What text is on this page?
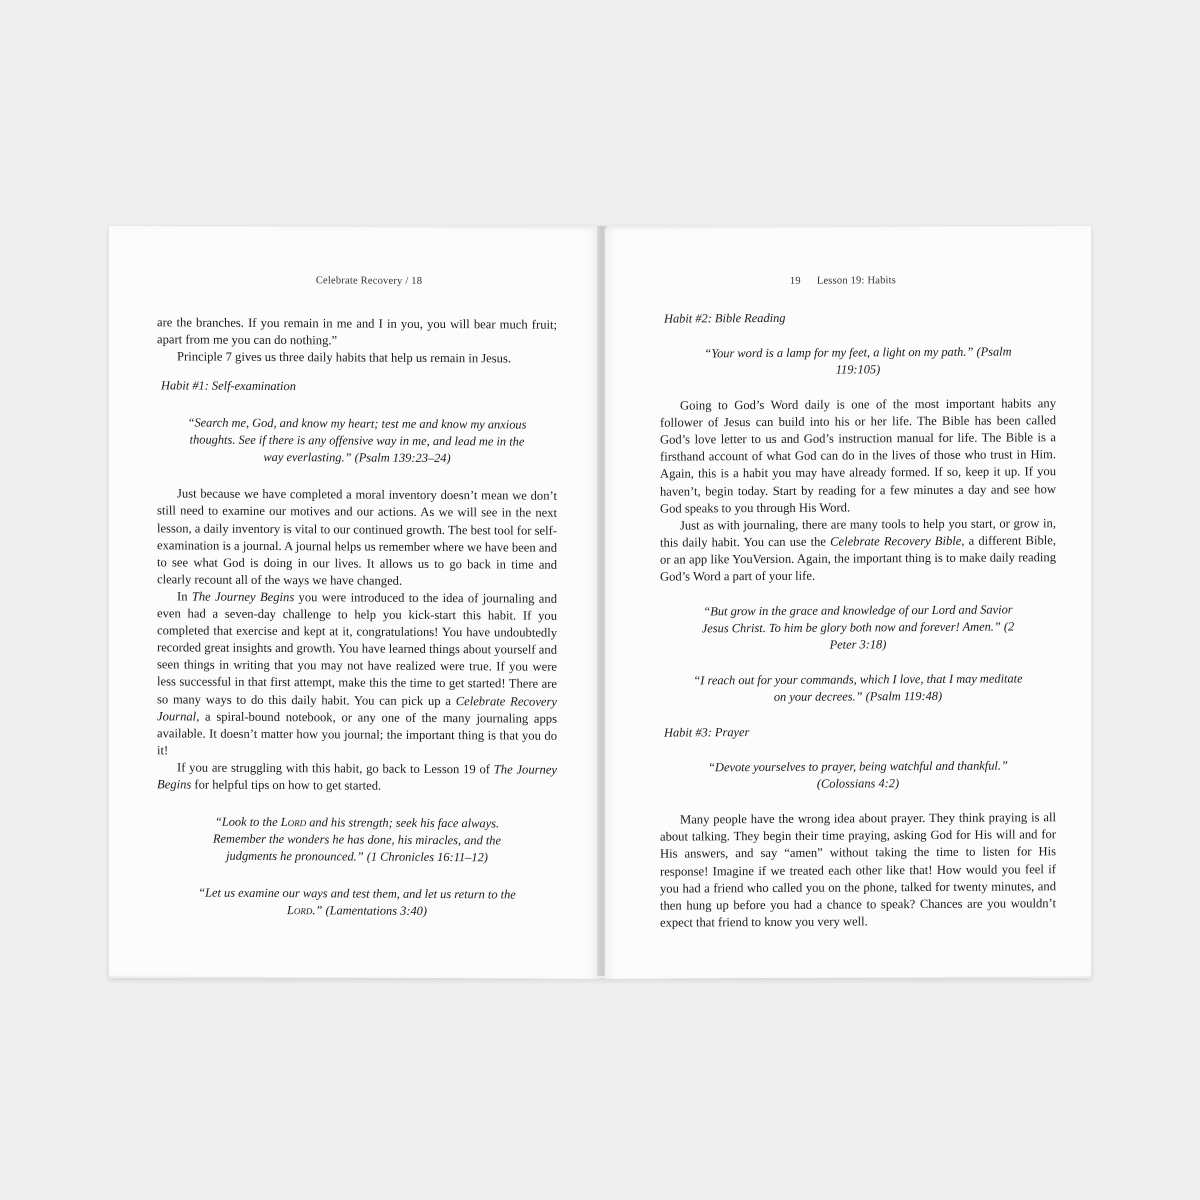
Celebrate Recovery / 18

are the branches. If you remain in me and I in you, you will bear much fruit; apart from me you can do nothing.”

Principle 7 gives us three daily habits that help us remain in Jesus.

Habit #1: Self-examination
“Search me, God, and know my heart; test me and know my anxious thoughts. See if there is any offensive way in me, and lead me in the way everlasting.” (Psalm 139:23–24)

Just because we have completed a moral inventory doesn’t mean we don’t still need to examine our motives and our actions. As we will see in the next lesson, a daily inventory is vital to our continued growth. The best tool for self-examination is a journal. A journal helps us remember where we have been and to see what God is doing in our lives. It allows us to go back in time and clearly recount all of the ways we have changed.

In The Journey Begins you were introduced to the idea of journaling and even had a seven-day challenge to help you kick-start this habit. If you completed that exercise and kept at it, congratulations! You have undoubtedly recorded great insights and growth. You have learned things about yourself and seen things in writing that you may not have realized were true. If you were less successful in that first attempt, make this the time to get started! There are so many ways to do this daily habit. You can pick up a Celebrate Recovery Journal, a spiral-bound notebook, or any one of the many journaling apps available. It doesn’t matter how you journal; the important thing is that you do it!

If you are struggling with this habit, go back to Lesson 19 of The Journey Begins for helpful tips on how to get started.

“Look to the Lord and his strength; seek his face always. Remember the wonders he has done, his miracles, and the judgments he pronounced.” (1 Chronicles 16:11–12)
“Let us examine our ways and test them, and let us return to the Lord.” (Lamentations 3:40)
19 Lesson 19: Habits
Habit #2: Bible Reading
“Your word is a lamp for my feet, a light on my path.” (Psalm 119:105)

Going to God’s Word daily is one of the most important habits any follower of Jesus can build into his or her life. The Bible has been called God’s love letter to us and God’s instruction manual for life. The Bible is a firsthand account of what God can do in the lives of those who trust in Him. Again, this is a habit you may have already formed. If so, keep it up. If you haven’t, begin today. Start by reading for a few minutes a day and see how God speaks to you through His Word.

Just as with journaling, there are many tools to help you start, or grow in, this daily habit. You can use the Celebrate Recovery Bible, a different Bible, or an app like YouVersion. Again, the important thing is to make daily reading God’s Word a part of your life.

“But grow in the grace and knowledge of our Lord and Savior Jesus Christ. To him be glory both now and forever! Amen.” (2 Peter 3:18)
“I reach out for your commands, which I love, that I may meditate on your decrees.” (Psalm 119:48)
Habit #3: Prayer
“Devote yourselves to prayer, being watchful and thankful.” (Colossians 4:2)

Many people have the wrong idea about prayer. They think praying is all about talking. They begin their time praying, asking God for His will and for His answers, and say “amen” without taking the time to listen for His response! Imagine if we treated each other like that! How would you feel if you had a friend who called you on the phone, talked for twenty minutes, and then hung up before you had a chance to speak? Chances are you wouldn’t expect that friend to know you very well.
